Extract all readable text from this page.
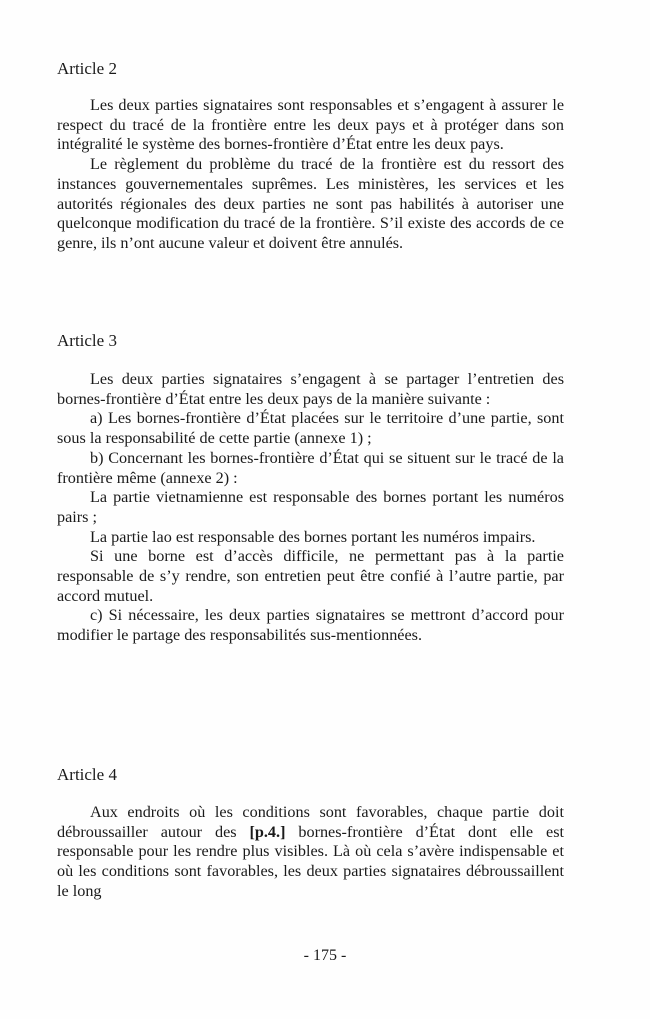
Article 2

Les deux parties signataires sont responsables et s’engagent à assurer le respect du tracé de la frontière entre les deux pays et à protéger dans son intégralité le système des bornes-frontière d’État entre les deux pays.

Le règlement du problème du tracé de la frontière est du ressort des instances gouvernementales suprêmes. Les ministères, les services et les autorités régionales des deux parties ne sont pas habilités à autoriser une quelconque modification du tracé de la frontière. S’il existe des accords de ce genre, ils n’ont aucune valeur et doivent être annulés.

Article 3

Les deux parties signataires s’engagent à se partager l’entretien des bornes-frontière d’État entre les deux pays de la manière suivante :

a) Les bornes-frontière d’État placées sur le territoire d’une partie, sont sous la responsabilité de cette partie (annexe 1) ;

b) Concernant les bornes-frontière d’État qui se situent sur le tracé de la frontière même (annexe 2) :

La partie vietnamienne est responsable des bornes portant les numéros pairs ;

La partie lao est responsable des bornes portant les numéros impairs.

Si une borne est d’accès difficile, ne permettant pas à la partie responsable de s’y rendre, son entretien peut être confié à l’autre partie, par accord mutuel.

c) Si nécessaire, les deux parties signataires se mettront d’accord pour modifier le partage des responsabilités sus-mentionnées.

Article 4

Aux endroits où les conditions sont favorables, chaque partie doit débroussailler autour des [p.4.] bornes-frontière d’État dont elle est responsable pour les rendre plus visibles. Là où cela s’avère indispensable et où les conditions sont favorables, les deux parties signataires débroussaillent le long

- 175 -
